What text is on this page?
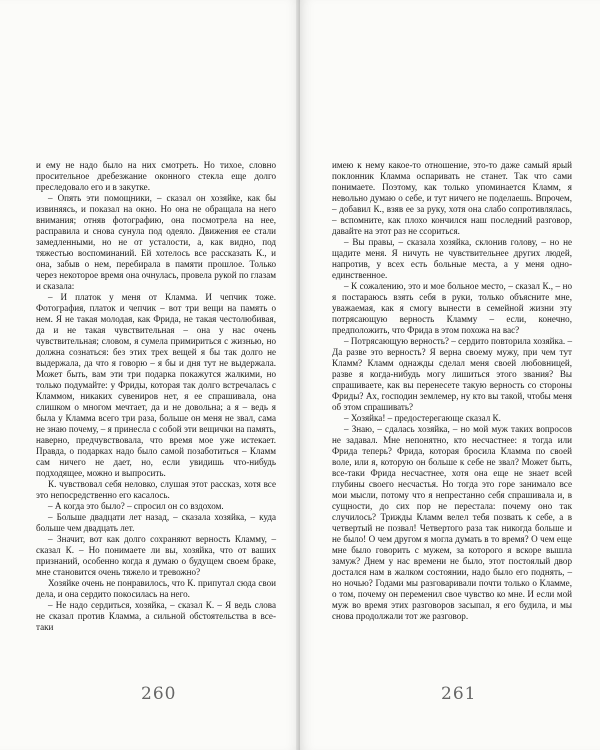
и ему не надо было на них смотреть. Но тихое, словно просительное дребезжание оконного стекла еще долго преследовало его и в закутке.

– Опять эти помощники, – сказал он хозяйке, как бы извиняясь, и показал на окно. Но она не обращала на него внимания; отняв фотографию, она посмотрела на нее, расправила и снова сунула под одеяло. Движения ее стали замедленными, но не от усталости, а, как видно, под тяжестью воспоминаний. Ей хотелось все рассказать К., и она, забыв о нем, перебирала в памяти прошлое. Только через некоторое время она очнулась, провела рукой по глазам и сказала:

– И платок у меня от Кламма. И чепчик тоже. Фотография, платок и чепчик – вот три вещи на память о нем. Я не такая молодая, как Фрида, не такая честолюбивая, да и не такая чувствительная – она у нас очень чувствительная; словом, я сумела примириться с жизнью, но должна сознаться: без этих трех вещей я бы так долго не выдержала, да что я говорю – я бы и дня тут не выдержала. Может быть, вам эти три подарка покажутся жалкими, но только подумайте: у Фриды, которая так долго встречалась с Кламмом, никаких сувениров нет, я ее спрашивала, она слишком о многом мечтает, да и не довольна; а я – ведь я была у Кламма всего три раза, больше он меня не звал, сама не знаю почему, – я принесла с собой эти вещички на память, наверно, предчувствовала, что время мое уже истекает. Правда, о подарках надо было самой позаботиться – Кламм сам ничего не дает, но, если увидишь что-нибудь подходящее, можно и выпросить.

К. чувствовал себя неловко, слушая этот рассказ, хотя все это непосредственно его касалось.

– А когда это было? – спросил он со вздохом.

– Больше двадцати лет назад, – сказала хозяйка, – куда больше чем двадцать лет.

– Значит, вот как долго сохраняют верность Кламму, – сказал К. – Но понимаете ли вы, хозяйка, что от ваших признаний, особенно когда я думаю о будущем своем браке, мне становится очень тяжело и тревожно?

Хозяйке очень не понравилось, что К. припутал сюда свои дела, и она сердито покосилась на него.

– Не надо сердиться, хозяйка, – сказал К. – Я ведь слова не сказал против Кламма, а сильной обстоятельства в все-таки

260

имею к нему какое-то отношение, это-то даже самый ярый поклонник Кламма оспаривать не станет. Так что сами понимаете. Поэтому, как только упоминается Кламм, я невольно думаю о себе, и тут ничего не поделаешь. Впрочем, – добавил К., взяв ее за руку, хотя она слабо сопротивлялась, – вспомните, как плохо кончился наш последний разговор, давайте на этот раз не ссориться.

– Вы правы, – сказала хозяйка, склонив голову, – но не щадите меня. Я ничуть не чувствительнее других людей, напротив, у всех есть больные места, а у меня одно-единственное.

– К сожалению, это и мое больное место, – сказал К., – но я постараюсь взять себя в руки, только объясните мне, уважаемая, как я смогу вынести в семейной жизни эту потрясающую верность Кламму – если, конечно, предположить, что Фрида в этом похожа на вас?

– Потрясающую верность? – сердито повторила хозяйка. – Да разве это верность? Я верна своему мужу, при чем тут Кламм? Кламм однажды сделал меня своей любовницей, разве я когда-нибудь могу лишиться этого звания? Вы спрашиваете, как вы перенесете такую верность со стороны Фриды? Ах, господин землемер, ну кто вы такой, чтобы меня об этом спрашивать?

– Хозяйка! – предостерегающе сказал К.

– Знаю, – сдалась хозяйка, – но мой муж таких вопросов не задавал. Мне непонятно, кто несчастнее: я тогда или Фрида теперь? Фрида, которая бросила Кламма по своей воле, или я, которую он больше к себе не звал? Может быть, все-таки Фрида несчастнее, хотя она еще не знает всей глубины своего несчастья. Но тогда это горе занимало все мои мысли, потому что я непрестанно себя спрашивала и, в сущности, до сих пор не перестала: почему оно так случилось? Трижды Кламм велел тебя позвать к себе, а в четвертый не позвал! Четвертого раза так никогда больше и не было! О чем другом я могла думать в то время? О чем еще мне было говорить с мужем, за которого я вскоре вышла замуж? Днем у нас времени не было, этот постоялый двор достался нам в жалком состоянии, надо было его поднять, – но ночью? Годами мы разговаривали почти только о Кламме, о том, почему он переменил свое чувство ко мне. И если мой муж во время этих разговоров засыпал, я его будила, и мы снова продолжали тот же разговор.

261
